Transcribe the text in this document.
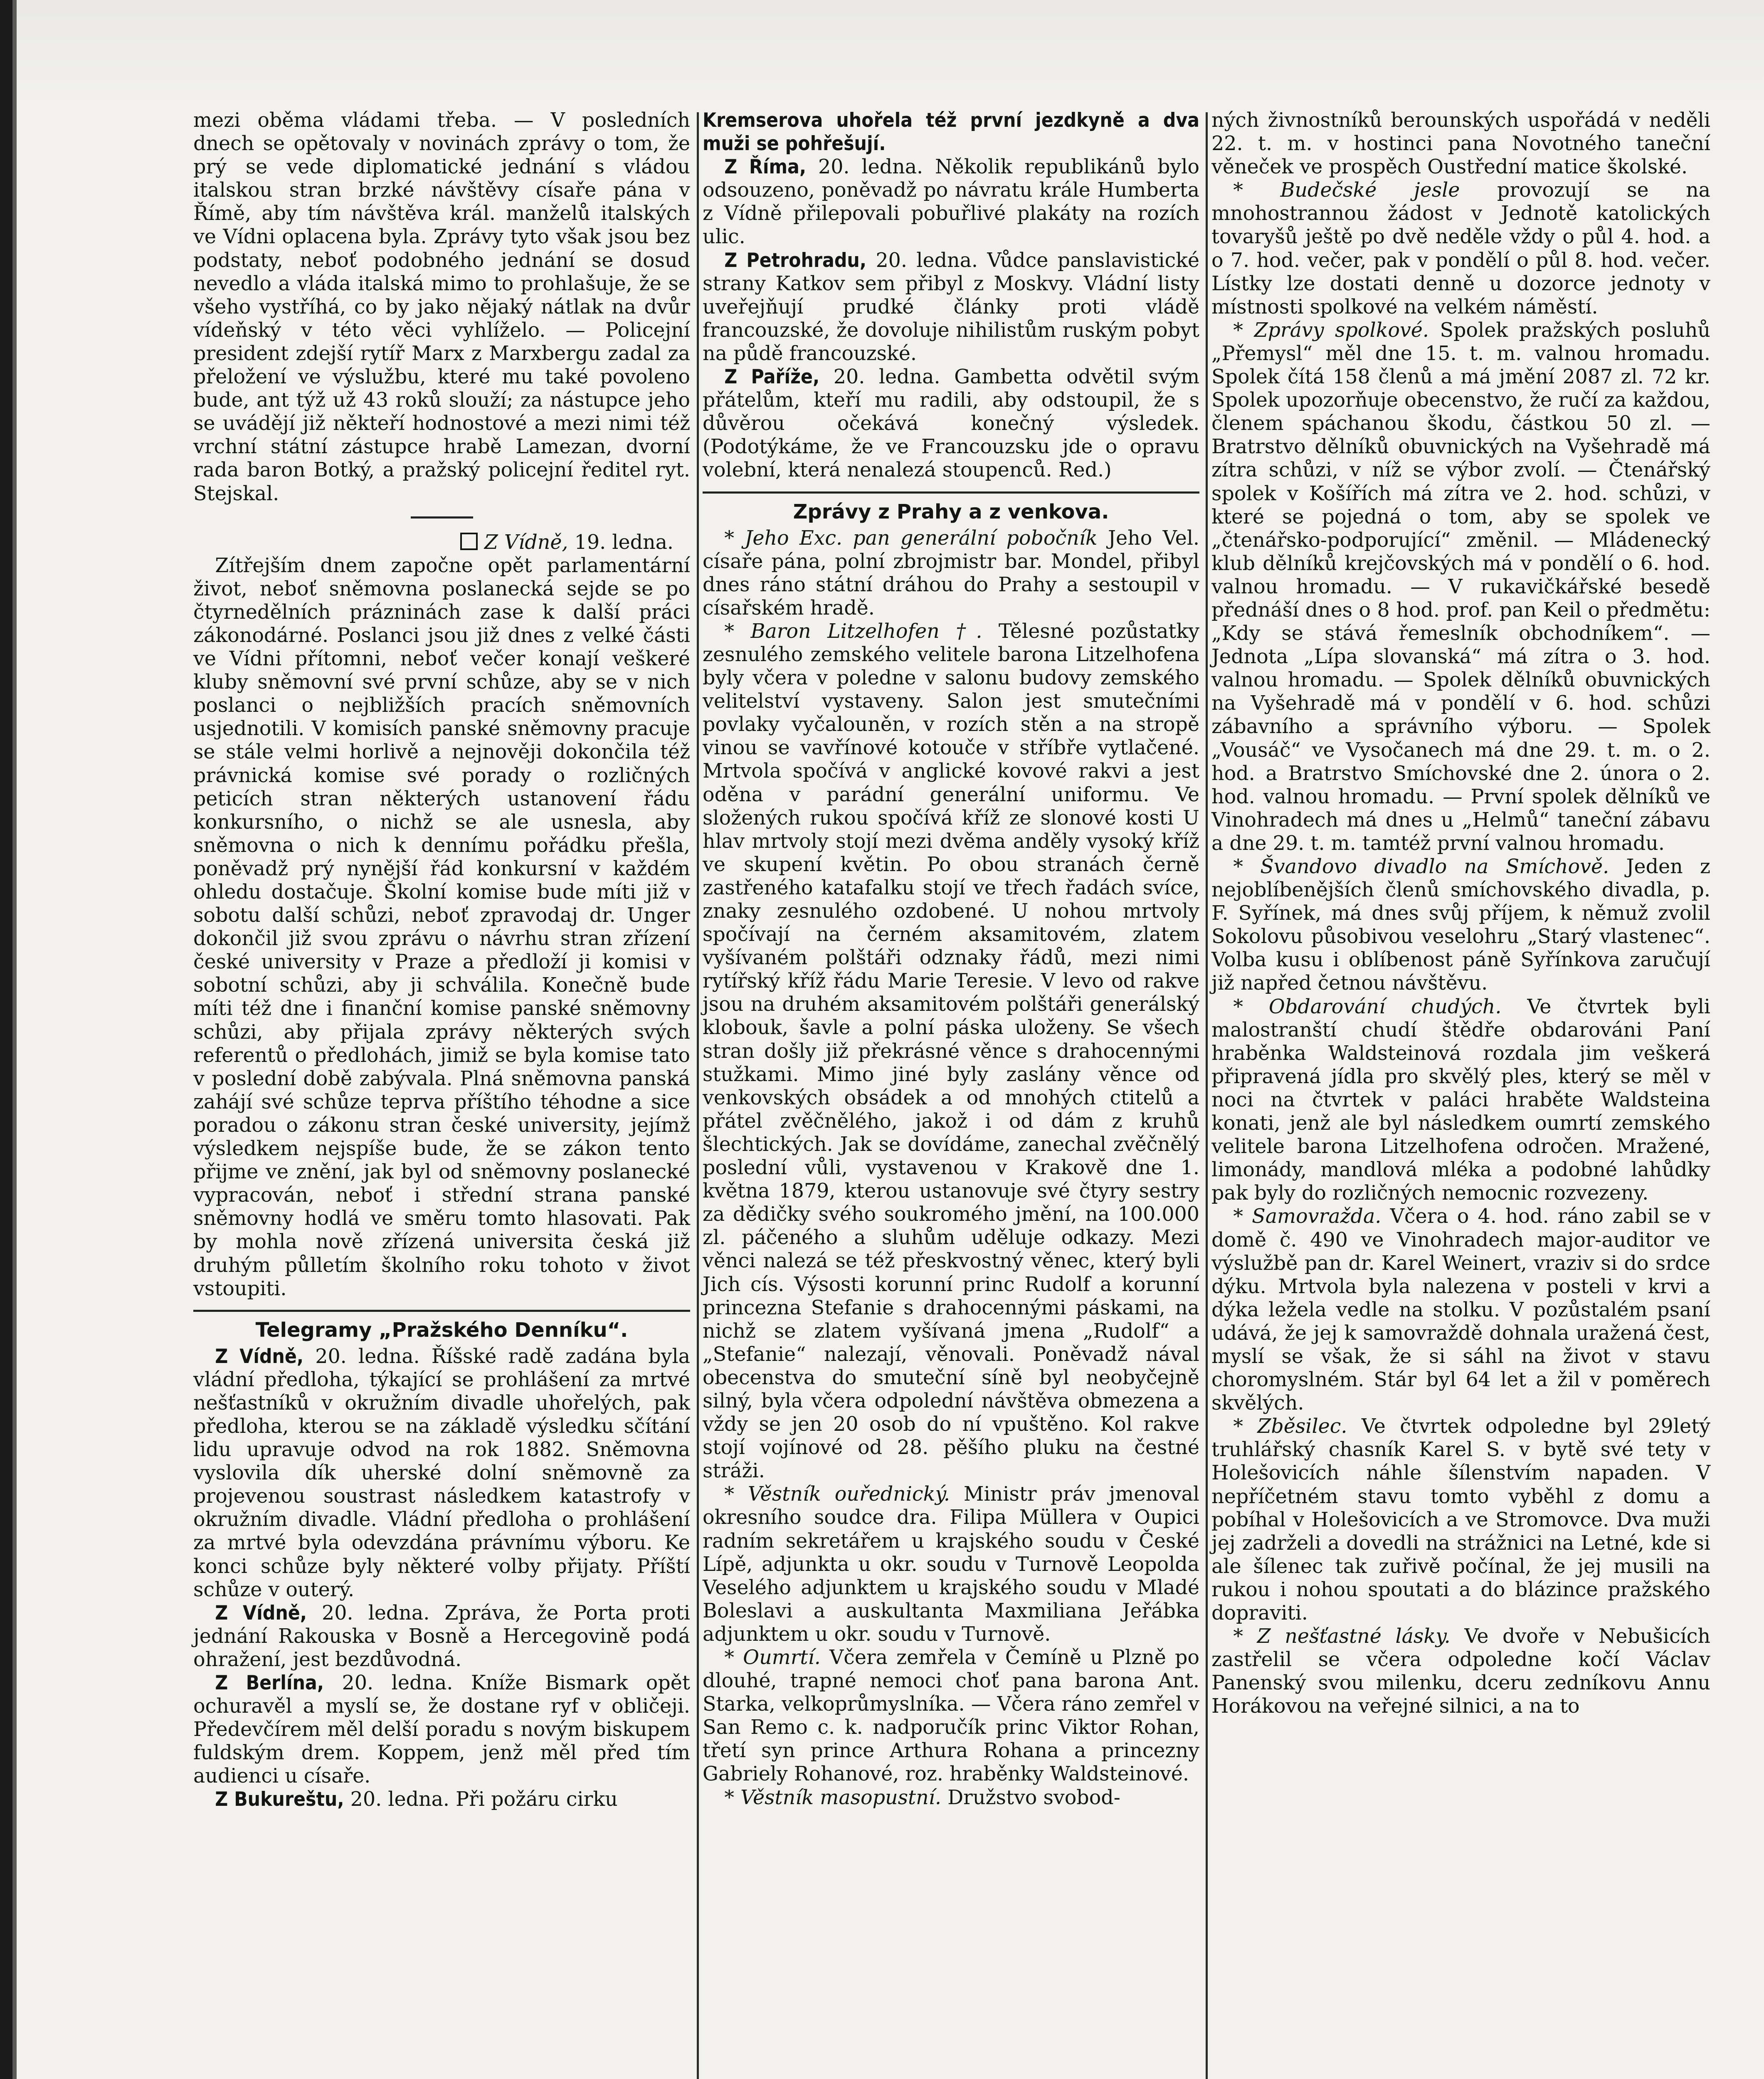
mezi oběma vládami třeba. — V posledních dnech se opětovaly v novinách zprávy o tom, že prý se vede diplomatické jednání s vládou italskou stran brzké návštěvy císaře pána v Římě, aby tím návštěva král. manželů italských ve Vídni oplacena byla. Zprávy tyto však jsou bez podstaty, neboť podobného jednání se dosud nevedlo a vláda italská mimo to prohlašuje, že se všeho vystříhá, co by jako nějaký nátlak na dvůr vídeňský v této věci vyhlíželo. — Policejní president zdejší rytíř Marx z Marxbergu zadal za přeložení ve výslužbu, které mu také povoleno bude, ant týž už 43 roků slouží; za nástupce jeho se uvádějí již někteří hodnostové a mezi nimi též vrchní státní zástupce hrabě Lamezan, dvorní rada baron Botký, a pražský policejní ředitel ryt. Stejskal.

Z Vídně, 19. ledna.

Zítřejším dnem započne opět parlamentární život, neboť sněmovna poslanecká sejde se po čtyrnedělních prázninách zase k další práci zákonodárné. Poslanci jsou již dnes z velké části ve Vídni přítomni, neboť večer konají veškeré kluby sněmovní své první schůze, aby se v nich poslanci o nejbližších pracích sněmovních usjednotili. V komisích panské sněmovny pracuje se stále velmi horlivě a nejnověji dokončila též právnická komise své porady o rozličných peticích stran některých ustanovení řádu konkursního, o nichž se ale usnesla, aby sněmovna o nich k dennímu pořádku přešla, poněvadž prý nynější řád konkursní v každém ohledu dostačuje. Školní komise bude míti již v sobotu další schůzi, neboť zpravodaj dr. Unger dokončil již svou zprávu o návrhu stran zřízení české university v Praze a předloží ji komisi v sobotní schůzi, aby ji schválila. Konečně bude míti též dne i finanční komise panské sněmovny schůzi, aby přijala zprávy některých svých referentů o předlohách, jimiž se byla komise tato v poslední době zabývala. Plná sněmovna panská zahájí své schůze teprva příštího téhodne a sice poradou o zákonu stran české university, jejímž výsledkem nejspíše bude, že se zákon tento přijme ve znění, jak byl od sněmovny poslanecké vypracován, neboť i střední strana panské sněmovny hodlá ve směru tomto hlasovati. Pak by mohla nově zřízená universita česká již druhým půlletím školního roku tohoto v život vstoupiti.

Telegramy „Pražského Denníku“.

Z Vídně, 20. ledna. Říšské radě zadána byla vládní předloha, týkající se prohlášení za mrtvé nešťastníků v okružním divadle uhořelých, pak předloha, kterou se na základě výsledku sčítání lidu upravuje odvod na rok 1882. Sněmovna vyslovila dík uherské dolní sněmovně za projevenou soustrast následkem katastrofy v okružním divadle. Vládní předloha o prohlášení za mrtvé byla odevzdána právnímu výboru. Ke konci schůze byly některé volby přijaty. Příští schůze v outerý.

Z Vídně, 20. ledna. Zpráva, že Porta proti jednání Rakouska v Bosně a Hercegovině podá ohražení, jest bezdůvodná.

Z Berlína, 20. ledna. Kníže Bismark opět ochuravěl a myslí se, že dostane ryf v obličeji. Předevčírem měl delší poradu s novým biskupem fuldským drem. Koppem, jenž měl před tím audienci u císaře.

Z Bukureštu, 20. ledna. Při požáru cirku

Kremserova uhořela též první jezdkyně a dva muži se pohřešují.

Z Říma, 20. ledna. Několik republikánů bylo odsouzeno, poněvadž po návratu krále Humberta z Vídně přilepovali pobuřlivé plakáty na rozích ulic.

Z Petrohradu, 20. ledna. Vůdce panslavistické strany Katkov sem přibyl z Moskvy. Vládní listy uveřejňují prudké články proti vládě francouzské, že dovoluje nihilistům ruským pobyt na půdě francouzské.

Z Paříže, 20. ledna. Gambetta odvětil svým přátelům, kteří mu radili, aby odstoupil, že s důvěrou očekává konečný výsledek. (Podotýkáme, že ve Francouzsku jde o opravu volební, která nenalezá stoupenců. Red.)

Zprávy z Prahy a z venkova.

* Jeho Exc. pan generální pobočník Jeho Vel. císaře pána, polní zbrojmistr bar. Mondel, přibyl dnes ráno státní dráhou do Prahy a sestoupil v císařském hradě.

* Baron Litzelhofen †. Tělesné pozůstatky zesnulého zemského velitele barona Litzelhofena byly včera v poledne v salonu budovy zemského velitelství vystaveny. Salon jest smutečními povlaky vyčalouněn, v rozích stěn a na stropě vinou se vavřínové kotouče v stříbře vytlačené. Mrtvola spočívá v anglické kovové rakvi a jest oděna v parádní generální uniformu. Ve složených rukou spočívá kříž ze slonové kosti U hlav mrtvoly stojí mezi dvěma anděly vysoký kříž ve skupení květin. Po obou stranách černě zastřeného katafalku stojí ve třech řadách svíce, znaky zesnulého ozdobené. U nohou mrtvoly spočívají na černém aksamitovém, zlatem vyšívaném polštáři odznaky řádů, mezi nimi rytířský kříž řádu Marie Teresie. V levo od rakve jsou na druhém aksamitovém polštáři generálský klobouk, šavle a polní páska uloženy. Se všech stran došly již překrásné věnce s drahocennými stužkami. Mimo jiné byly zaslány věnce od venkovských obsádek a od mnohých ctitelů a přátel zvěčnělého, jakož i od dám z kruhů šlechtických. Jak se dovídáme, zanechal zvěčnělý poslední vůli, vystavenou v Krakově dne 1. května 1879, kterou ustanovuje své čtyry sestry za dědičky svého soukromého jmění, na 100.000 zl. páčeného a sluhům uděluje odkazy. Mezi věnci nalezá se též přeskvostný věnec, který byli Jich cís. Výsosti korunní princ Rudolf a korunní princezna Stefanie s drahocennými páskami, na nichž se zlatem vyšívaná jmena „Rudolf“ a „Stefanie“ nalezají, věnovali. Poněvadž nával obecenstva do smuteční síně byl neobyčejně silný, byla včera odpolední návštěva obmezena a vždy se jen 20 osob do ní vpuštěno. Kol rakve stojí vojínové od 28. pěšího pluku na čestné stráži.

* Věstník ouřednický. Ministr práv jmenoval okresního soudce dra. Filipa Müllera v Oupici radním sekretářem u krajského soudu v České Lípě, adjunkta u okr. soudu v Turnově Leopolda Veselého adjunktem u krajského soudu v Mladé Boleslavi a auskultanta Maxmiliana Jeřábka adjunktem u okr. soudu v Turnově.

* Oumrtí. Včera zemřela v Čemíně u Plzně po dlouhé, trapné nemoci choť pana barona Ant. Starka, velkoprůmyslníka. — Včera ráno zemřel v San Remo c. k. nadporučík princ Viktor Rohan, třetí syn prince Arthura Rohana a princezny Gabriely Rohanové, roz. hraběnky Waldsteinové.

* Věstník masopustní. Družstvo svobod-

ných živnostníků berounských uspořádá v neděli 22. t. m. v hostinci pana Novotného taneční věneček ve prospěch Oustřední matice školské.

* Budečské jesle provozují se na mnohostrannou žádost v Jednotě katolických tovaryšů ještě po dvě neděle vždy o půl 4. hod. a o 7. hod. večer, pak v pondělí o půl 8. hod. večer. Lístky lze dostati denně u dozorce jednoty v místnosti spolkové na velkém náměstí.

* Zprávy spolkové. Spolek pražských posluhů „Přemysl“ měl dne 15. t. m. valnou hromadu. Spolek čítá 158 členů a má jmění 2087 zl. 72 kr. Spolek upozorňuje obecenstvo, že ručí za každou, členem spáchanou škodu, částkou 50 zl. — Bratrstvo dělníků obuvnických na Vyšehradě má zítra schůzi, v níž se výbor zvolí. — Čtenářský spolek v Košířích má zítra ve 2. hod. schůzi, v které se pojedná o tom, aby se spolek ve „čtenářsko-podporující“ změnil. — Mládenecký klub dělníků krejčovských má v pondělí o 6. hod. valnou hromadu. — V rukavičkářské besedě přednáší dnes o 8 hod. prof. pan Keil o předmětu: „Kdy se stává řemeslník obchodníkem“. — Jednota „Lípa slovanská“ má zítra o 3. hod. valnou hromadu. — Spolek dělníků obuvnických na Vyšehradě má v pondělí v 6. hod. schůzi zábavního a správního výboru. — Spolek „Vousáč“ ve Vysočanech má dne 29. t. m. o 2. hod. a Bratrstvo Smíchovské dne 2. února o 2. hod. valnou hromadu. — První spolek dělníků ve Vinohradech má dnes u „Helmů“ taneční zábavu a dne 29. t. m. tamtéž první valnou hromadu.

* Švandovo divadlo na Smíchově. Jeden z nejoblíbenějších členů smíchovského divadla, p. F. Syřínek, má dnes svůj příjem, k němuž zvolil Sokolovu působivou veselohru „Starý vlastenec“. Volba kusu i oblíbenost páně Syřínkova zaručují již napřed četnou návštěvu.

* Obdarování chudých. Ve čtvrtek byli malostranští chudí štědře obdarováni Paní hraběnka Waldsteinová rozdala jim veškerá připravená jídla pro skvělý ples, který se měl v noci na čtvrtek v paláci hraběte Waldsteina konati, jenž ale byl následkem oumrtí zemského velitele barona Litzelhofena odročen. Mražené, limonády, mandlová mléka a podobné lahůdky pak byly do rozličných nemocnic rozvezeny.

* Samovražda. Včera o 4. hod. ráno zabil se v domě č. 490 ve Vinohradech major-auditor ve výslužbě pan dr. Karel Weinert, vraziv si do srdce dýku. Mrtvola byla nalezena v posteli v krvi a dýka ležela vedle na stolku. V pozůstalém psaní udává, že jej k samovraždě dohnala uražená čest, myslí se však, že si sáhl na život v stavu choromyslném. Stár byl 64 let a žil v poměrech skvělých.

* Zběsilec. Ve čtvrtek odpoledne byl 29letý truhlářský chasník Karel S. v bytě své tety v Holešovicích náhle šílenstvím napaden. V nepříčetném stavu tomto vyběhl z domu a pobíhal v Holešovicích a ve Stromovce. Dva muži jej zadrželi a dovedli na strážnici na Letné, kde si ale šílenec tak zuřivě počínal, že jej musili na rukou i nohou spoutati a do blázince pražského dopraviti.

* Z nešťastné lásky. Ve dvoře v Nebušicích zastřelil se včera odpoledne kočí Václav Panenský svou milenku, dceru zedníkovu Annu Horákovou na veřejné silnici, a na to
